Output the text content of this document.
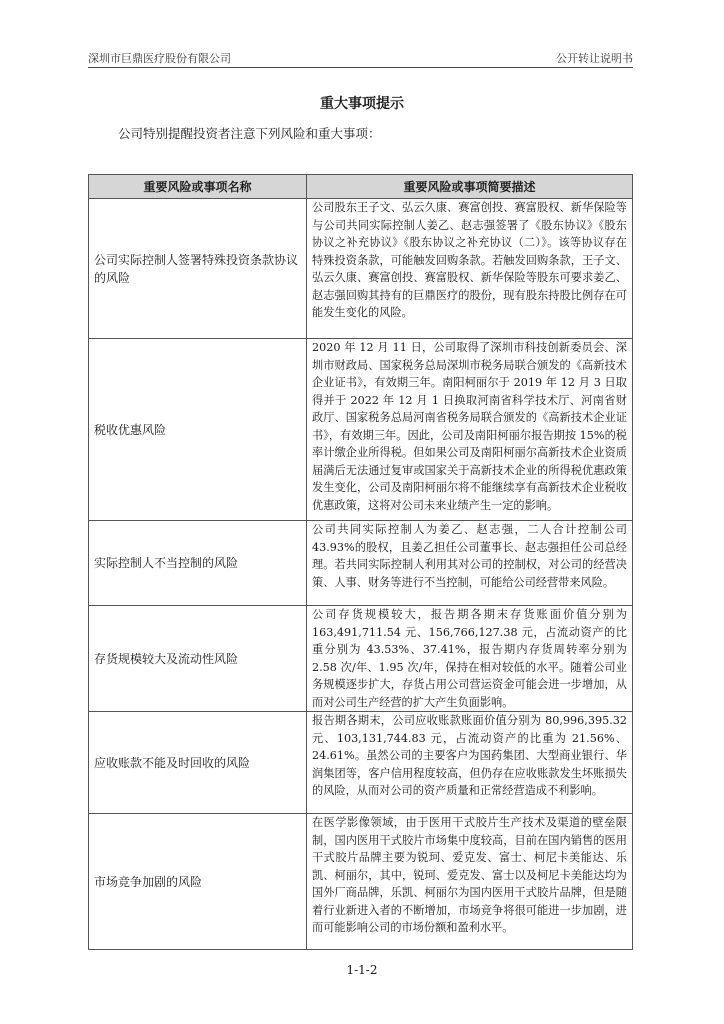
深圳市巨鼎医疗股份有限公司	公开转让说明书
重大事项提示
公司特别提醒投资者注意下列风险和重大事项：
重要风险或事项名称	重要风险或事项简要描述
公司实际控制人签署特殊投资条款协议的风险	公司股东王子文、弘云久康、赛富创投、赛富股权、新华保险等与公司共同实际控制人姜乙、赵志强签署了《股东协议》《股东协议之补充协议》《股东协议之补充协议（二）》。该等协议存在特殊投资条款，可能触发回购条款。若触发回购条款，王子文、弘云久康、赛富创投、赛富股权、新华保险等股东可要求姜乙、赵志强回购其持有的巨鼎医疗的股份，现有股东持股比例存在可能发生变化的风险。
税收优惠风险	2020 年 12 月 11 日，公司取得了深圳市科技创新委员会、深圳市财政局、国家税务总局深圳市税务局联合颁发的《高新技术企业证书》，有效期三年。南阳柯丽尔于 2019 年 12 月 3 日取得并于 2022 年 12 月 1 日换取河南省科学技术厅、河南省财政厅、国家税务总局河南省税务局联合颁发的《高新技术企业证书》，有效期三年。因此，公司及南阳柯丽尔报告期按 15%的税率计缴企业所得税。但如果公司及南阳柯丽尔高新技术企业资质届满后无法通过复审或国家关于高新技术企业的所得税优惠政策发生变化，公司及南阳柯丽尔将不能继续享有高新技术企业税收优惠政策，这将对公司未来业绩产生一定的影响。
实际控制人不当控制的风险	公司共同实际控制人为姜乙、赵志强，二人合计控制公司 43.93%的股权，且姜乙担任公司董事长、赵志强担任公司总经理。若共同实际控制人利用其对公司的控制权，对公司的经营决策、人事、财务等进行不当控制，可能给公司经营带来风险。
存货规模较大及流动性风险	公司存货规模较大，报告期各期末存货账面价值分别为 163,491,711.54 元、156,766,127.38 元，占流动资产的比重分别为 43.53%、37.41%，报告期内存货周转率分别为 2.58 次/年、1.95 次/年，保持在相对较低的水平。随着公司业务规模逐步扩大，存货占用公司营运资金可能会进一步增加，从而对公司生产经营的扩大产生负面影响。
应收账款不能及时回收的风险	报告期各期末，公司应收账款账面价值分别为 80,996,395.32 元、103,131,744.83 元，占流动资产的比重为 21.56%、24.61%。虽然公司的主要客户为国药集团、大型商业银行、华润集团等，客户信用程度较高，但仍存在应收账款发生坏账损失的风险，从而对公司的资产质量和正常经营造成不利影响。
市场竞争加剧的风险	在医学影像领域，由于医用干式胶片生产技术及渠道的壁垒限制，国内医用干式胶片市场集中度较高，目前在国内销售的医用干式胶片品牌主要为锐珂、爱克发、富士、柯尼卡美能达、乐凯、柯丽尔，其中，锐珂、爱克发、富士以及柯尼卡美能达均为国外厂商品牌，乐凯、柯丽尔为国内医用干式胶片品牌，但是随着行业新进入者的不断增加，市场竞争将很可能进一步加剧，进而可能影响公司的市场份额和盈利水平。
1-1-2
